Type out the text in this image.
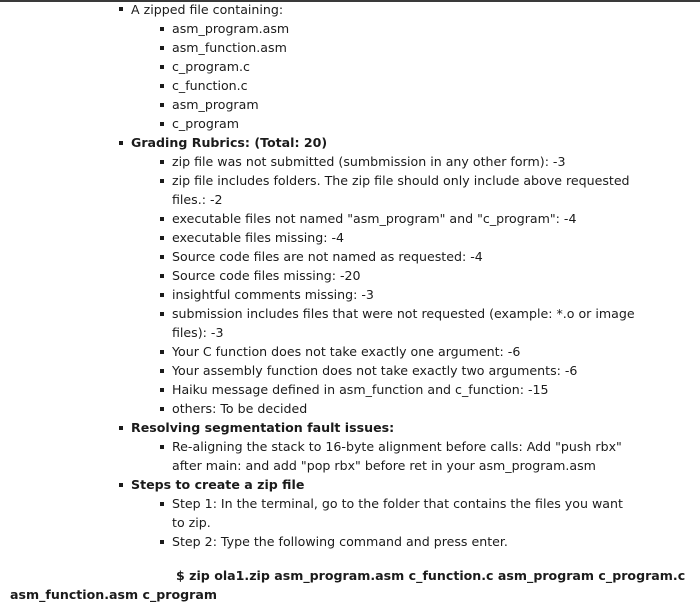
A zipped file containing:
asm_program.asm
asm_function.asm
c_program.c
c_function.c
asm_program
c_program
Grading Rubrics: (Total: 20)
zip file was not submitted (sumbmission in any other form): -3
zip file includes folders. The zip file should only include above requested
files.: -2
executable files not named "asm_program" and "c_program": -4
executable files missing: -4
Source code files are not named as requested: -4
Source code files missing: -20
insightful comments missing: -3
submission includes files that were not requested (example: *.o or image
files): -3
Your C function does not take exactly one argument: -6
Your assembly function does not take exactly two arguments: -6
Haiku message defined in asm_function and c_function: -15
others: To be decided
Resolving segmentation fault issues:
Re-aligning the stack to 16-byte alignment before calls: Add "push rbx"
after main: and add "pop rbx" before ret in your asm_program.asm
Steps to create a zip file
Step 1: In the terminal, go to the folder that contains the files you want
to zip.
Step 2: Type the following command and press enter.
$ zip ola1.zip asm_program.asm c_function.c asm_program c_program.c
asm_function.asm c_program
